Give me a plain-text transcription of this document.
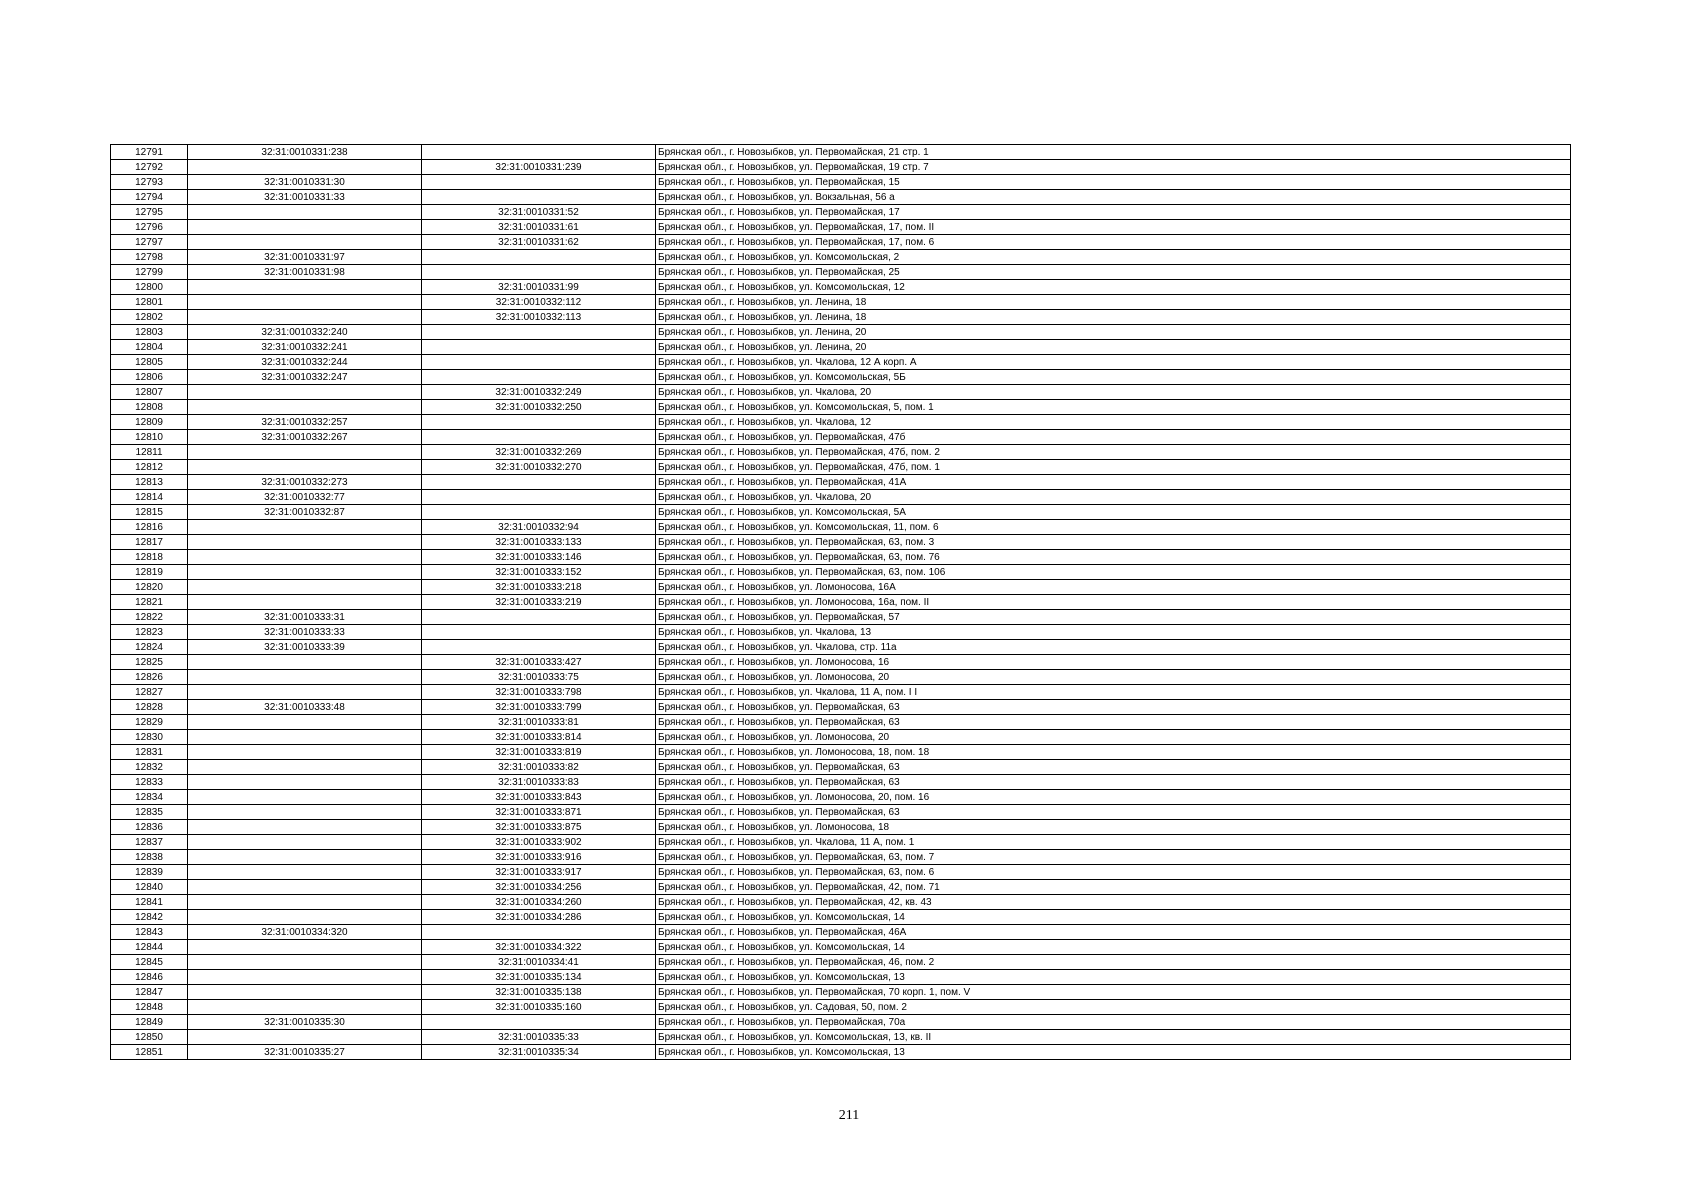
12791	32:31:0010331:238		Брянская обл., г. Новозыбков, ул. Первомайская, 21 стр. 1
12792		32:31:0010331:239	Брянская обл., г. Новозыбков, ул. Первомайская, 19 стр. 7
12793	32:31:0010331:30		Брянская обл., г. Новозыбков, ул. Первомайская, 15
12794	32:31:0010331:33		Брянская обл., г. Новозыбков, ул. Вокзальная, 56 а
12795		32:31:0010331:52	Брянская обл., г. Новозыбков, ул. Первомайская, 17
12796		32:31:0010331:61	Брянская обл., г. Новозыбков, ул. Первомайская, 17, пом. II
12797		32:31:0010331:62	Брянская обл., г. Новозыбков, ул. Первомайская, 17, пом. 6
12798	32:31:0010331:97		Брянская обл., г. Новозыбков, ул. Комсомольская, 2
12799	32:31:0010331:98		Брянская обл., г. Новозыбков, ул. Первомайская, 25
12800		32:31:0010331:99	Брянская обл., г. Новозыбков, ул. Комсомольская, 12
12801		32:31:0010332:112	Брянская обл., г. Новозыбков, ул. Ленина, 18
12802		32:31:0010332:113	Брянская обл., г. Новозыбков, ул. Ленина, 18
12803	32:31:0010332:240		Брянская обл., г. Новозыбков, ул. Ленина, 20
12804	32:31:0010332:241		Брянская обл., г. Новозыбков, ул. Ленина, 20
12805	32:31:0010332:244		Брянская обл., г. Новозыбков, ул. Чкалова, 12 А корп. А
12806	32:31:0010332:247		Брянская обл., г. Новозыбков, ул. Комсомольская, 5Б
12807		32:31:0010332:249	Брянская обл., г. Новозыбков, ул. Чкалова, 20
12808		32:31:0010332:250	Брянская обл., г. Новозыбков, ул. Комсомольская, 5, пом. 1
12809	32:31:0010332:257		Брянская обл., г. Новозыбков, ул. Чкалова, 12
12810	32:31:0010332:267		Брянская обл., г. Новозыбков, ул. Первомайская, 47б
12811		32:31:0010332:269	Брянская обл., г. Новозыбков, ул. Первомайская, 47б, пом. 2
12812		32:31:0010332:270	Брянская обл., г. Новозыбков, ул. Первомайская, 47б, пом. 1
12813	32:31:0010332:273		Брянская обл., г. Новозыбков, ул. Первомайская, 41А
12814	32:31:0010332:77		Брянская обл., г. Новозыбков, ул. Чкалова, 20
12815	32:31:0010332:87		Брянская обл., г. Новозыбков, ул. Комсомольская, 5А
12816		32:31:0010332:94	Брянская обл., г. Новозыбков, ул. Комсомольская, 11, пом. 6
12817		32:31:0010333:133	Брянская обл., г. Новозыбков, ул. Первомайская, 63, пом. 3
12818		32:31:0010333:146	Брянская обл., г. Новозыбков, ул. Первомайская, 63, пом. 76
12819		32:31:0010333:152	Брянская обл., г. Новозыбков, ул. Первомайская, 63, пом. 106
12820		32:31:0010333:218	Брянская обл., г. Новозыбков, ул. Ломоносова, 16А
12821		32:31:0010333:219	Брянская обл., г. Новозыбков, ул. Ломоносова, 16а, пом. II
12822	32:31:0010333:31		Брянская обл., г. Новозыбков, ул. Первомайская, 57
12823	32:31:0010333:33		Брянская обл., г. Новозыбков, ул. Чкалова, 13
12824	32:31:0010333:39		Брянская обл., г. Новозыбков, ул. Чкалова, стр. 11а
12825		32:31:0010333:427	Брянская обл., г. Новозыбков, ул. Ломоносова, 16
12826		32:31:0010333:75	Брянская обл., г. Новозыбков, ул. Ломоносова, 20
12827		32:31:0010333:798	Брянская обл., г. Новозыбков, ул. Чкалова, 11 А, пом. I I
12828	32:31:0010333:48	32:31:0010333:799	Брянская обл., г. Новозыбков, ул. Первомайская, 63
12829		32:31:0010333:81	Брянская обл., г. Новозыбков, ул. Первомайская, 63
12830		32:31:0010333:814	Брянская обл., г. Новозыбков, ул. Ломоносова, 20
12831		32:31:0010333:819	Брянская обл., г. Новозыбков, ул. Ломоносова, 18, пом. 18
12832		32:31:0010333:82	Брянская обл., г. Новозыбков, ул. Первомайская, 63
12833		32:31:0010333:83	Брянская обл., г. Новозыбков, ул. Первомайская, 63
12834		32:31:0010333:843	Брянская обл., г. Новозыбков, ул. Ломоносова, 20, пом. 16
12835		32:31:0010333:871	Брянская обл., г. Новозыбков, ул. Первомайская, 63
12836		32:31:0010333:875	Брянская обл., г. Новозыбков, ул. Ломоносова, 18
12837		32:31:0010333:902	Брянская обл., г. Новозыбков, ул. Чкалова, 11 А, пом. 1
12838		32:31:0010333:916	Брянская обл., г. Новозыбков, ул. Первомайская, 63, пом. 7
12839		32:31:0010333:917	Брянская обл., г. Новозыбков, ул. Первомайская, 63, пом. 6
12840		32:31:0010334:256	Брянская обл., г. Новозыбков, ул. Первомайская, 42, пом. 71
12841		32:31:0010334:260	Брянская обл., г. Новозыбков, ул. Первомайская, 42, кв. 43
12842		32:31:0010334:286	Брянская обл., г. Новозыбков, ул. Комсомольская, 14
12843	32:31:0010334:320		Брянская обл., г. Новозыбков, ул. Первомайская, 46А
12844		32:31:0010334:322	Брянская обл., г. Новозыбков, ул. Комсомольская, 14
12845		32:31:0010334:41	Брянская обл., г. Новозыбков, ул. Первомайская, 46, пом. 2
12846		32:31:0010335:134	Брянская обл., г. Новозыбков, ул. Комсомольская, 13
12847		32:31:0010335:138	Брянская обл., г. Новозыбков, ул. Первомайская, 70 корп. 1, пом. V
12848		32:31:0010335:160	Брянская обл., г. Новозыбков, ул. Садовая, 50, пом. 2
12849	32:31:0010335:30		Брянская обл., г. Новозыбков, ул. Первомайская, 70а
12850		32:31:0010335:33	Брянская обл., г. Новозыбков, ул. Комсомольская, 13, кв. II
12851	32:31:0010335:27	32:31:0010335:34	Брянская обл., г. Новозыбков, ул. Комсомольская, 13
211
